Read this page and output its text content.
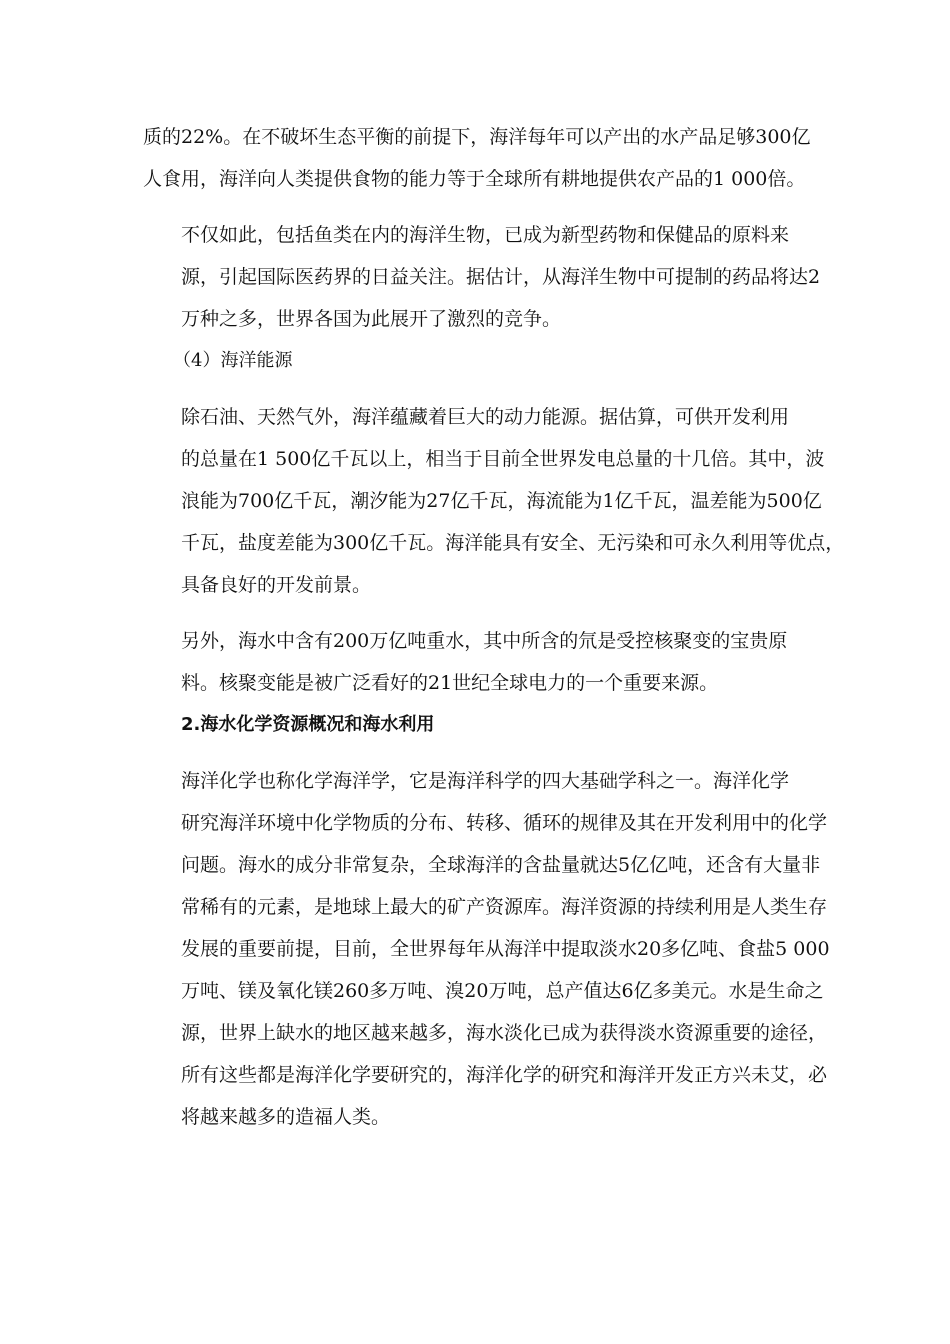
质的22%。在不破坏生态平衡的前提下，海洋每年可以产出的水产品足够300亿
人食用，海洋向人类提供食物的能力等于全球所有耕地提供农产品的1 000倍。
不仅如此，包括鱼类在内的海洋生物，已成为新型药物和保健品的原料来
源，引起国际医药界的日益关注。据估计，从海洋生物中可提制的药品将达2
万种之多，世界各国为此展开了激烈的竞争。
（4）海洋能源
除石油、天然气外，海洋蕴藏着巨大的动力能源。据估算，可供开发利用
的总量在1 500亿千瓦以上，相当于目前全世界发电总量的十几倍。其中，波
浪能为700亿千瓦，潮汐能为27亿千瓦，海流能为1亿千瓦，温差能为500亿
千瓦，盐度差能为300亿千瓦。海洋能具有安全、无污染和可永久利用等优点，
具备良好的开发前景。
另外，海水中含有200万亿吨重水，其中所含的氘是受控核聚变的宝贵原
料。核聚变能是被广泛看好的21世纪全球电力的一个重要来源。
2.海水化学资源概况和海水利用
海洋化学也称化学海洋学，它是海洋科学的四大基础学科之一。海洋化学
研究海洋环境中化学物质的分布、转移、循环的规律及其在开发利用中的化学
问题。海水的成分非常复杂，全球海洋的含盐量就达5亿亿吨，还含有大量非
常稀有的元素，是地球上最大的矿产资源库。海洋资源的持续利用是人类生存
发展的重要前提，目前，全世界每年从海洋中提取淡水20多亿吨、食盐5 000
万吨、镁及氧化镁260多万吨、溴20万吨，总产值达6亿多美元。水是生命之
源，世界上缺水的地区越来越多，海水淡化已成为获得淡水资源重要的途径，
所有这些都是海洋化学要研究的，海洋化学的研究和海洋开发正方兴未艾，必
将越来越多的造福人类。
